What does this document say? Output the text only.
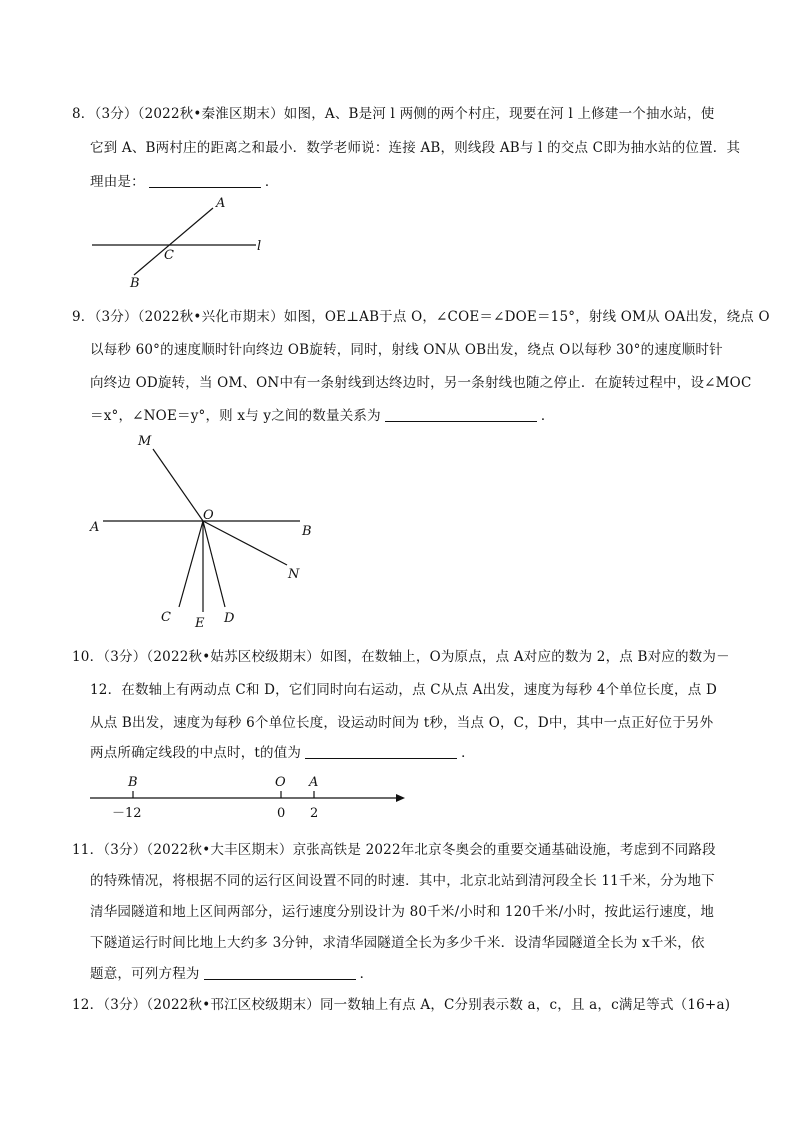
8．（3分）（2022秋•秦淮区期末）如图，A、B是河 l 两侧的两个村庄，现要在河 l 上修建一个抽水站，使
它到 A、B两村庄的距离之和最小．数学老师说：连接 AB，则线段 AB与 l 的交点 C即为抽水站的位置．其
理由是：	．
A
B
C
l
9．（3分）（2022秋•兴化市期末）如图，OE⊥AB于点 O，∠COE＝∠DOE＝15°，射线 OM从 OA出发，绕点 O
以每秒 60°的速度顺时针向终边 OB旋转，同时，射线 ON从 OB出发，绕点 O以每秒 30°的速度顺时针
向终边 OD旋转，当 OM、ON中有一条射线到达终边时，另一条射线也随之停止．在旋转过程中，设∠MOC
＝x°，∠NOE＝y°，则 x与 y之间的数量关系为	．
M
O
A	B
N
C E D
10．（3分）（2022秋•姑苏区校级期末）如图，在数轴上，O为原点，点 A对应的数为 2，点 B对应的数为－
12．在数轴上有两动点 C和 D，它们同时向右运动，点 C从点 A出发，速度为每秒 4个单位长度，点 D
从点 B出发，速度为每秒 6个单位长度，设运动时间为 t秒，当点 O，C，D中，其中一点正好位于另外
两点所确定线段的中点时，t的值为	．
B	O A
－12	0 2
11．（3分）（2022秋•大丰区期末）京张高铁是 2022年北京冬奥会的重要交通基础设施，考虑到不同路段
的特殊情况，将根据不同的运行区间设置不同的时速．其中，北京北站到清河段全长 11千米，分为地下
清华园隧道和地上区间两部分，运行速度分别设计为 80千米/小时和 120千米/小时，按此运行速度，地
下隧道运行时间比地上大约多 3分钟，求清华园隧道全长为多少千米．设清华园隧道全长为 x千米，依
题意，可列方程为	．
12．（3分）（2022秋•邗江区校级期末）同一数轴上有点 A，C分别表示数 a，c，且 a，c满足等式（16+a)
